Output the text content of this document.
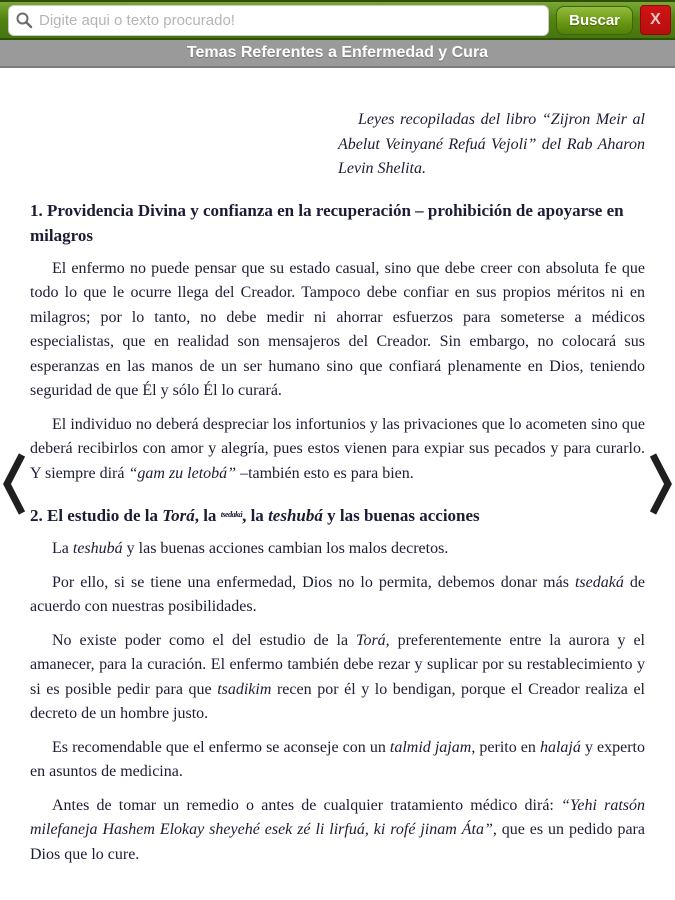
Digite aqui o texto procurado!
Buscar	X
Temas Referentes a Enfermedad y Cura

Leyes recopiladas del libro “Zijron Meir al Abelut Veinyané Refuá Vejoli” del Rab Aharon Levin Shelita.

1. Providencia Divina y confianza en la recuperación – prohibición de apoyarse en milagros

El enfermo no puede pensar que su estado casual, sino que debe creer con absoluta fe que todo lo que le ocurre llega del Creador. Tampoco debe confiar en sus propios méritos ni en milagros; por lo tanto, no debe medir ni ahorrar esfuerzos para someterse a médicos especialistas, que en realidad son mensajeros del Creador. Sin embargo, no colocará sus esperanzas en las manos de un ser humano sino que confiará plenamente en Dios, teniendo seguridad de que Él y sólo Él lo curará.

El individuo no deberá despreciar los infortunios y las privaciones que lo acometen sino que deberá recibirlos con amor y alegría, pues estos vienen para expiar sus pecados y para curarlo. Y siempre dirá “gam zu letobá” –también esto es para bien.

2. El estudio de la Torá, la $^{tsedaká}$, la teshubá y las buenas acciones

La teshubá y las buenas acciones cambian los malos decretos.

Por ello, si se tiene una enfermedad, Dios no lo permita, debemos donar más tsedaká de acuerdo con nuestras posibilidades.

No existe poder como el del estudio de la Torá, preferentemente entre la aurora y el amanecer, para la curación. El enfermo también debe rezar y suplicar por su restablecimiento y si es posible pedir para que tsadikim recen por él y lo bendigan, porque el Creador realiza el decreto de un hombre justo.

Es recomendable que el enfermo se aconseje con un talmid jajam, perito en halajá y experto en asuntos de medicina.

Antes de tomar un remedio o antes de cualquier tratamiento médico dirá: “Yehi ratsón milefaneja Hashem Elokay sheyehé esek zé li lirfuá, ki rofé jinam Áta”, que es un pedido para Dios que lo cure.
